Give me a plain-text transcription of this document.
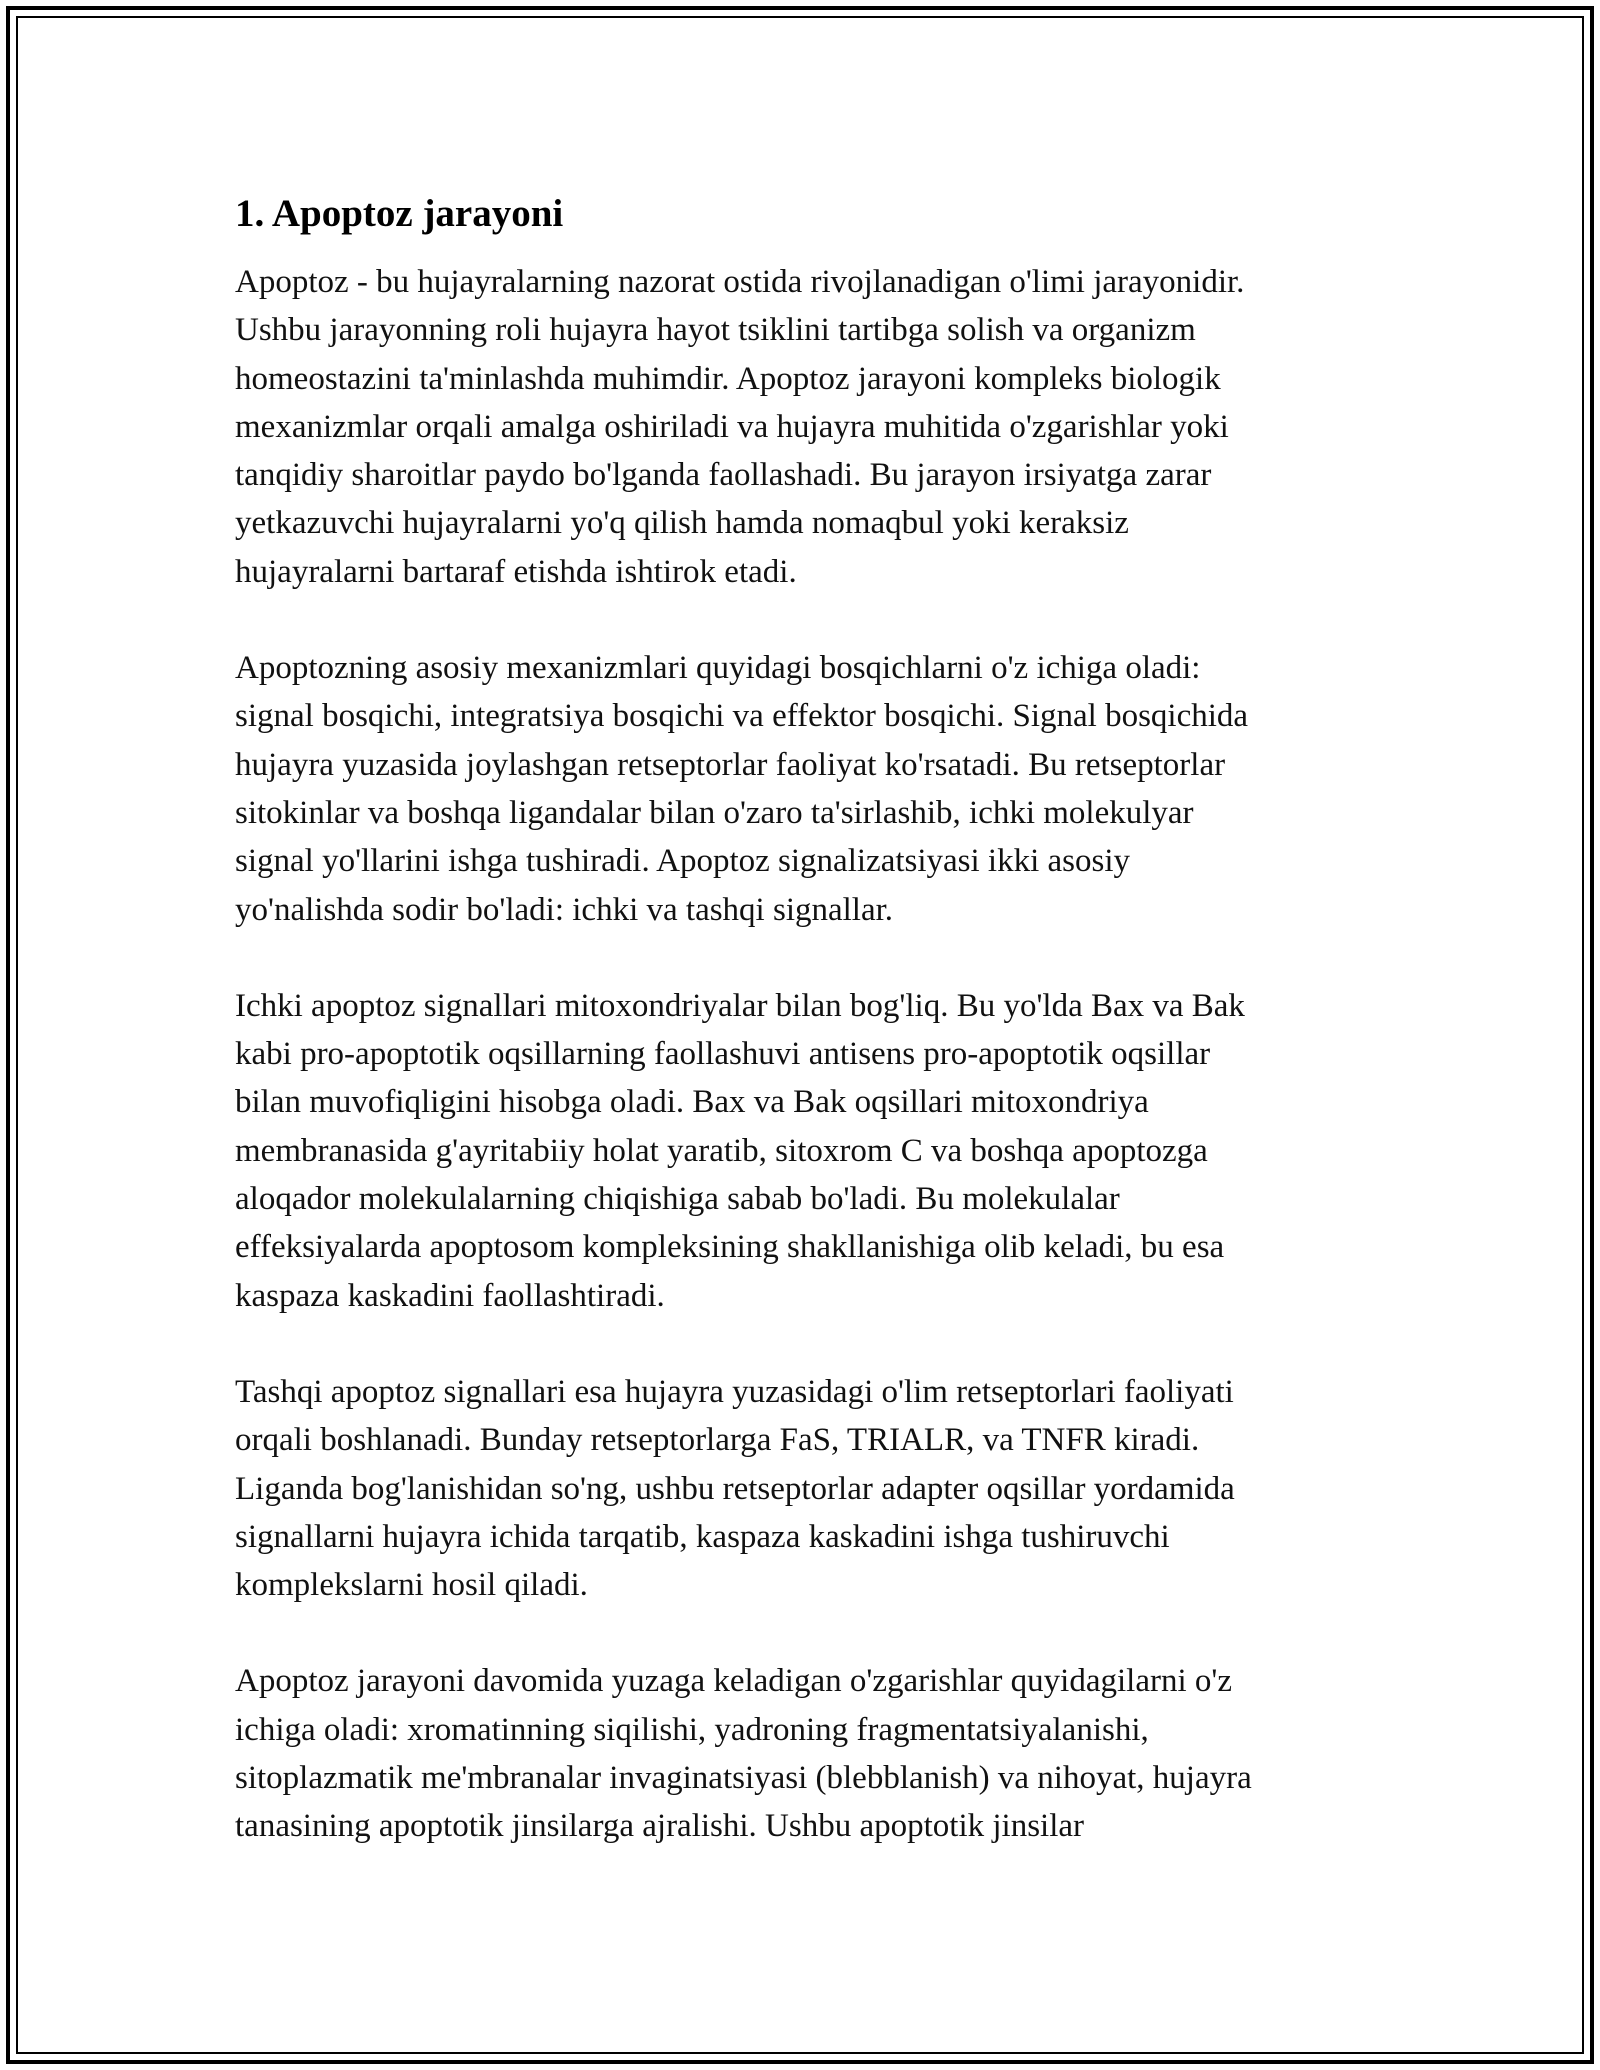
1. Apoptoz jarayoni

Apoptoz - bu hujayralarning nazorat ostida rivojlanadigan o'limi jarayonidir.
Ushbu jarayonning roli hujayra hayot tsiklini tartibga solish va organizm
homeostazini ta'minlashda muhimdir. Apoptoz jarayoni kompleks biologik
mexanizmlar orqali amalga oshiriladi va hujayra muhitida o'zgarishlar yoki
tanqidiy sharoitlar paydo bo'lganda faollashadi. Bu jarayon irsiyatga zarar
yetkazuvchi hujayralarni yo'q qilish hamda nomaqbul yoki keraksiz
hujayralarni bartaraf etishda ishtirok etadi.

Apoptozning asosiy mexanizmlari quyidagi bosqichlarni o'z ichiga oladi:
signal bosqichi, integratsiya bosqichi va effektor bosqichi. Signal bosqichida
hujayra yuzasida joylashgan retseptorlar faoliyat ko'rsatadi. Bu retseptorlar
sitokinlar va boshqa ligandalar bilan o'zaro ta'sirlashib, ichki molekulyar
signal yo'llarini ishga tushiradi. Apoptoz signalizatsiyasi ikki asosiy
yo'nalishda sodir bo'ladi: ichki va tashqi signallar.

Ichki apoptoz signallari mitoxondriyalar bilan bog'liq. Bu yo'lda Bax va Bak
kabi pro-apoptotik oqsillarning faollashuvi antisens pro-apoptotik oqsillar
bilan muvofiqligini hisobga oladi. Bax va Bak oqsillari mitoxondriya
membranasida g'ayritabiiy holat yaratib, sitoxrom C va boshqa apoptozga
aloqador molekulalarning chiqishiga sabab bo'ladi. Bu molekulalar
effeksiyalarda apoptosom kompleksining shakllanishiga olib keladi, bu esa
kaspaza kaskadini faollashtiradi.

Tashqi apoptoz signallari esa hujayra yuzasidagi o'lim retseptorlari faoliyati
orqali boshlanadi. Bunday retseptorlarga FaS, TRIALR, va TNFR kiradi.
Liganda bog'lanishidan so'ng, ushbu retseptorlar adapter oqsillar yordamida
signallarni hujayra ichida tarqatib, kaspaza kaskadini ishga tushiruvchi
komplekslarni hosil qiladi.

Apoptoz jarayoni davomida yuzaga keladigan o'zgarishlar quyidagilarni o'z
ichiga oladi: xromatinning siqilishi, yadroning fragmentatsiyalanishi,
sitoplazmatik me'mbranalar invaginatsiyasi (blebblanish) va nihoyat, hujayra
tanasining apoptotik jinsilarga ajralishi. Ushbu apoptotik jinsilar
